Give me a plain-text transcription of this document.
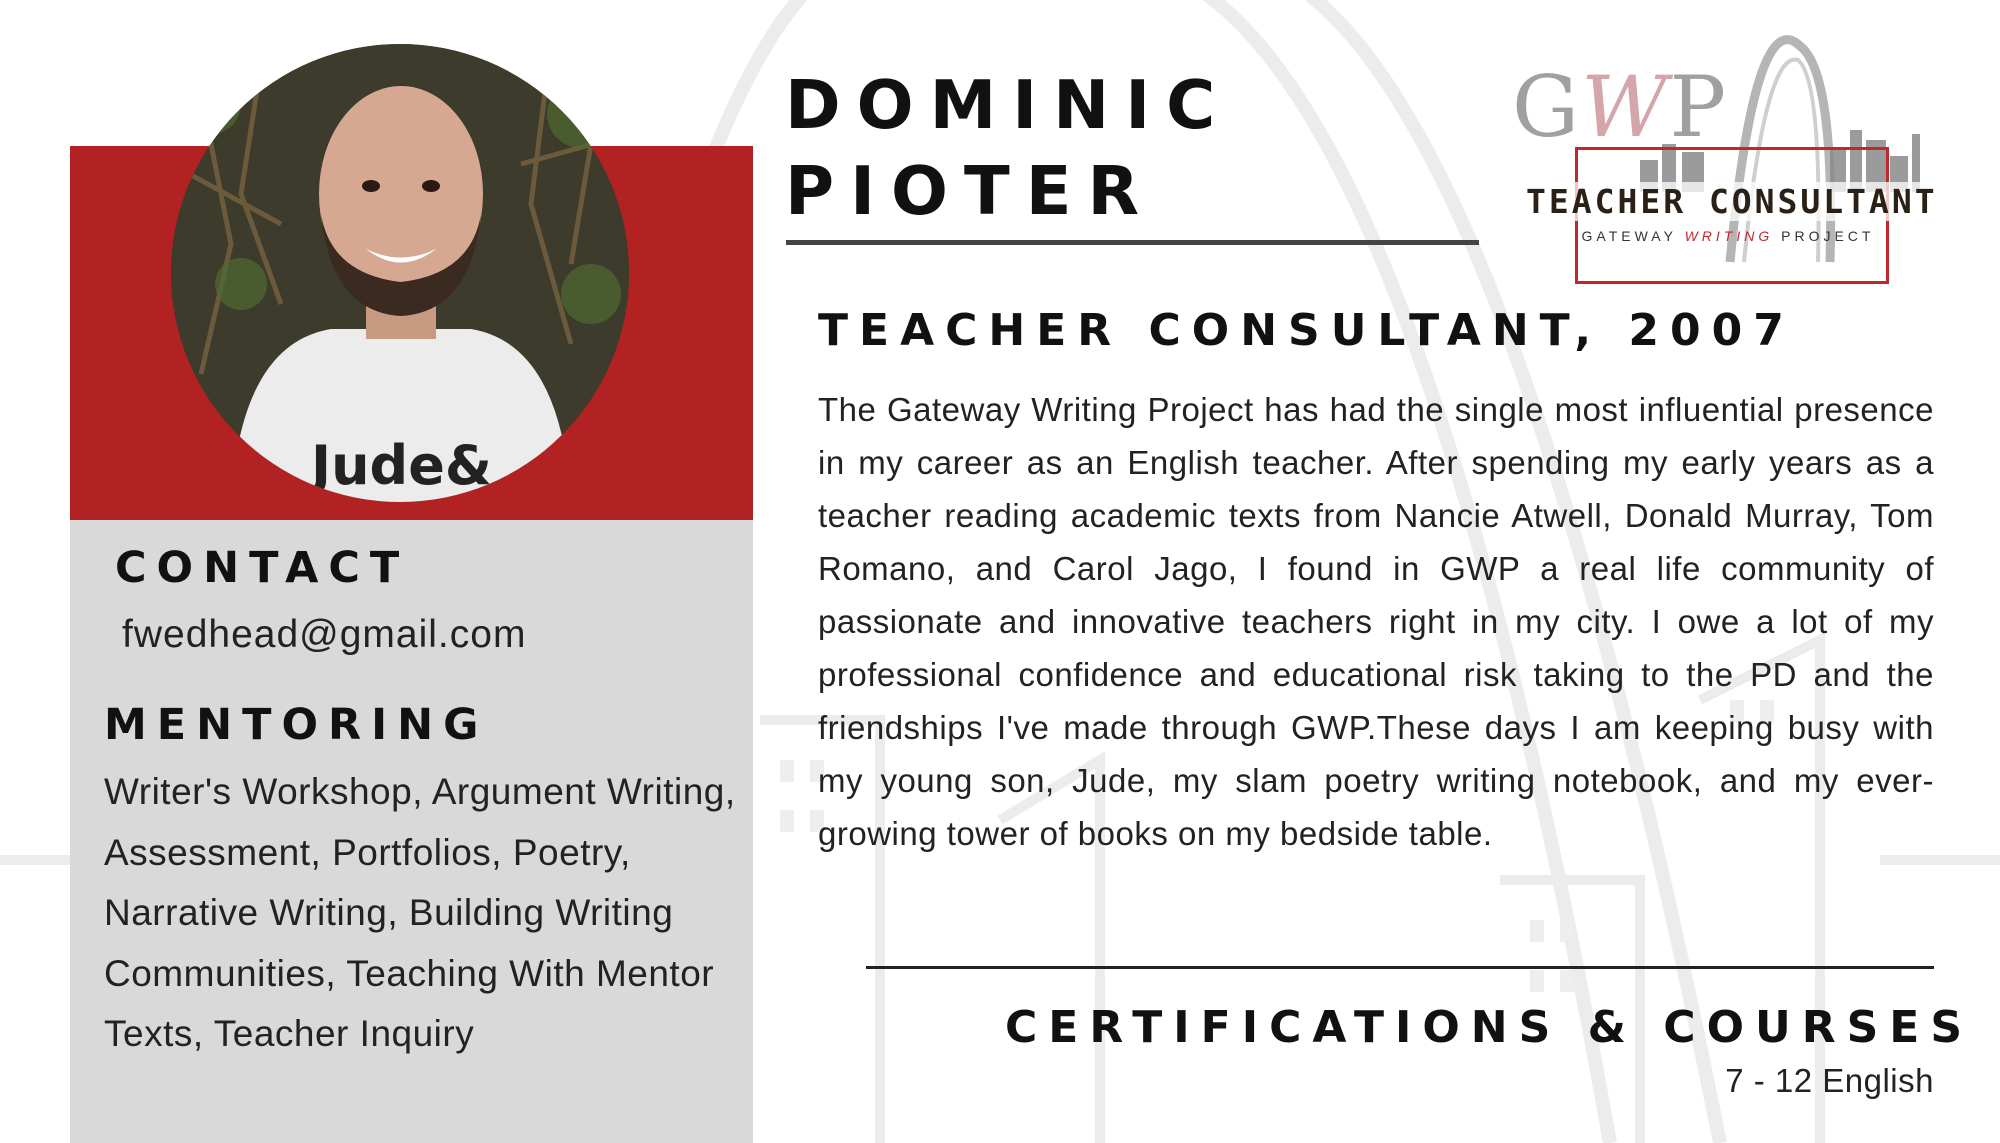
Jude&
CONTACT
fwedhead@gmail.com
MENTORING
Writer's Workshop, Argument Writing, Assessment, Portfolios, Poetry, Narrative Writing, Building Writing Communities, Teaching With Mentor Texts, Teacher Inquiry
DOMINIC
PIOTER
TEACHER CONSULTANT, 2007
The Gateway Writing Project has had the single most influential presence in my career as an English teacher. After spending my early years as a teacher reading academic texts from Nancie Atwell, Donald Murray, Tom Romano, and Carol Jago, I found in GWP a real life community of passionate and innovative teachers right in my city. I owe a lot of my professional confidence and educational risk taking to the PD and the friendships I've made through GWP.These days I am keeping busy with my young son, Jude, my slam poetry writing notebook, and my ever-growing tower of books on my bedside table.
CERTIFICATIONS & COURSES
7 - 12 English
GWP
TEACHER CONSULTANT
GATEWAY WRITING PROJECT
